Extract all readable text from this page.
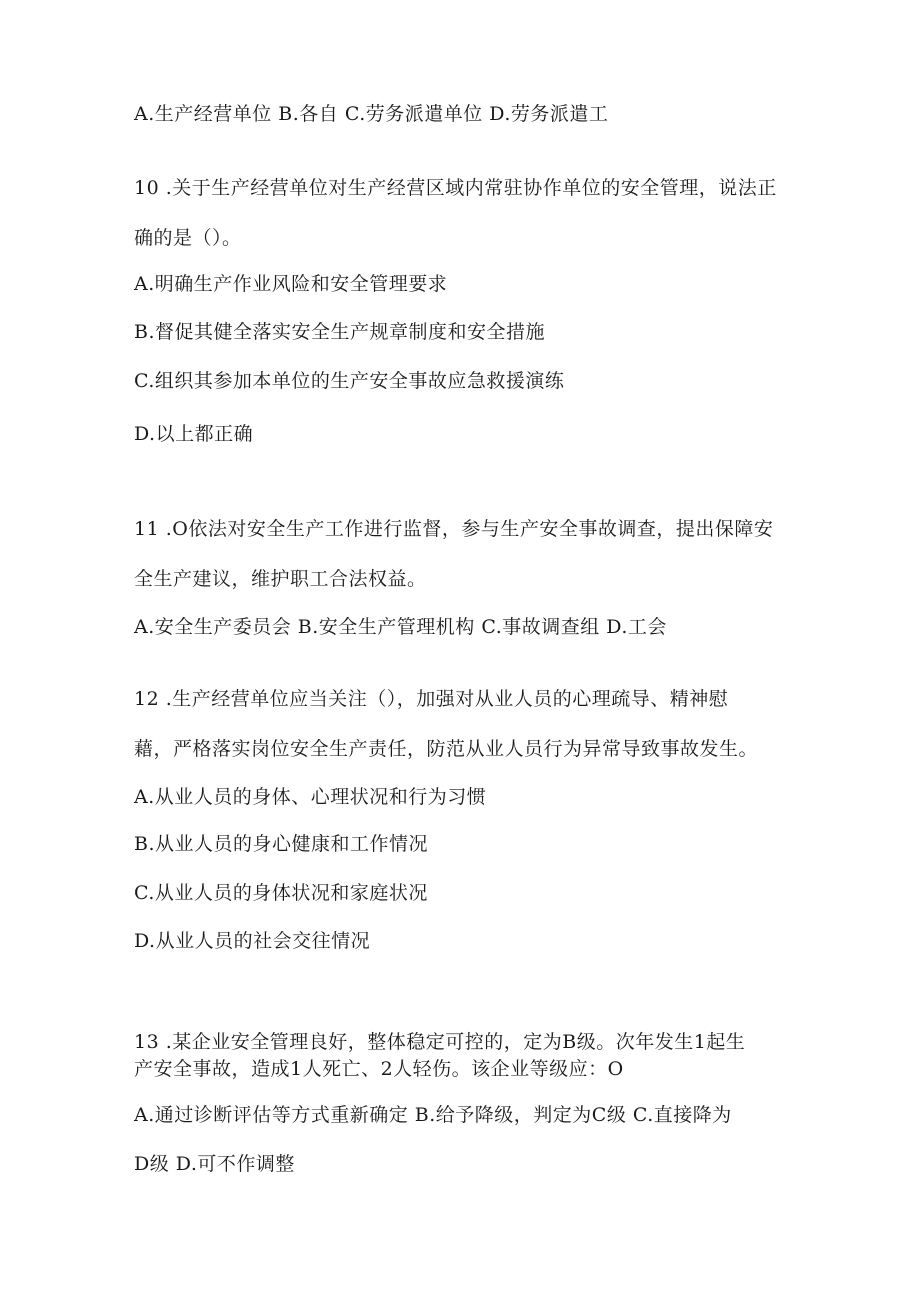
A.生产经营单位 B.各自 C.劳务派遣单位 D.劳务派遣工
10 .关于生产经营单位对生产经营区域内常驻协作单位的安全管理，说法正
确的是（）。
A.明确生产作业风险和安全管理要求
B.督促其健全落实安全生产规章制度和安全措施
C.组织其参加本单位的生产安全事故应急救援演练
D.以上都正确
11 .O依法对安全生产工作进行监督，参与生产安全事故调查，提出保障安
全生产建议，维护职工合法权益。
A.安全生产委员会 B.安全生产管理机构 C.事故调查组 D.工会
12 .生产经营单位应当关注（），加强对从业人员的心理疏导、精神慰
藉，严格落实岗位安全生产责任，防范从业人员行为异常导致事故发生。
A.从业人员的身体、心理状况和行为习惯
B.从业人员的身心健康和工作情况
C.从业人员的身体状况和家庭状况
D.从业人员的社会交往情况
13 .某企业安全管理良好，整体稳定可控的，定为B级。次年发生1起生
产安全事故，造成1人死亡、2人轻伤。该企业等级应：O
A.通过诊断评估等方式重新确定 B.给予降级，判定为C级 C.直接降为
D级 D.可不作调整
